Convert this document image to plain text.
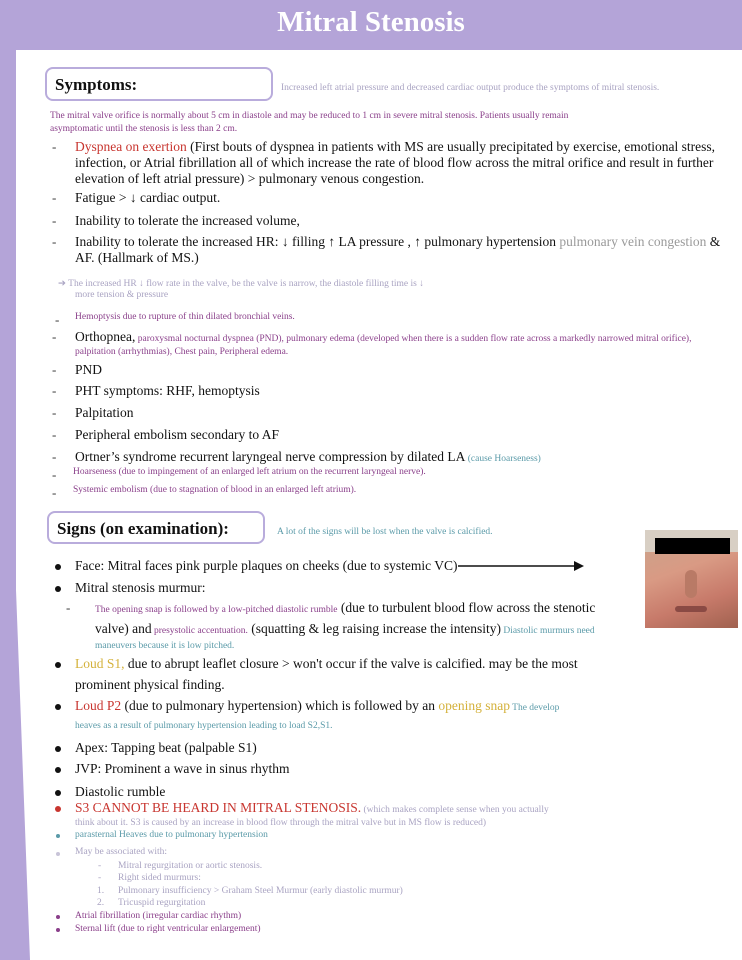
Mitral Stenosis
Symptoms:	Increased left atrial pressure and decreased cardiac output produce the symptoms of mitral stenosis.
The mitral valve orifice is normally about 5 cm in diastole and may be reduced to 1 cm in severe mitral stenosis. Patients usually remain
asymptomatic until the stenosis is less than 2 cm.
- Dyspnea on exertion (First bouts of dyspnea in patients with MS are usually precipitated by exercise, emotional stress,
infection, or Atrial fibrillation all of which increase the rate of blood flow across the mitral orifice and result in further
elevation of left atrial pressure) > pulmonary venous congestion.
- Fatigue > ↓ cardiac output.
- Inability to tolerate the increased volume,
- Inability to tolerate the increased HR: ↓ filling ↑ LA pressure , ↑ pulmonary hypertension pulmonary vein congestion &
AF. (Hallmark of MS.)
➔ The increased HR ↓ flow rate in the valve, be the valve is narrow, the diastole filling time is ↓
more tension & pressure
- Hemoptysis due to rupture of thin dilated bronchial veins.
- Orthopnea, paroxysmal nocturnal dyspnea (PND), pulmonary edema (developed when there is a sudden flow rate across a markedly narrowed mitral orifice),
palpitation (arrhythmias), Chest pain, Peripheral edema.
- PND
- PHT symptoms: RHF, hemoptysis
- Palpitation
- Peripheral embolism secondary to AF
- Ortner’s syndrome recurrent laryngeal nerve compression by dilated LA (cause Hoarseness)
- Hoarseness (due to impingement of an enlarged left atrium on the recurrent laryngeal nerve).
- Systemic embolism (due to stagnation of blood in an enlarged left atrium).
Signs (on examination):	A lot of the signs will be lost when the valve is calcified.
Face: Mitral faces pink purple plaques on cheeks (due to systemic VC)
Mitral stenosis murmur:
-	The opening snap is followed by a low-pitched diastolic rumble (due to turbulent blood flow across the stenotic
valve) and presystolic accentuation. (squatting & leg raising increase the intensity) Diastolic murmurs need
maneuvers because it is low pitched.
Loud S1, due to abrupt leaflet closure > won't occur if the valve is calcified. may be the most
prominent physical finding.
Loud P2 (due to pulmonary hypertension) which is followed by an opening snap The develop
heaves as a result of pulmonary hypertension leading to load S2,S1.
Apex: Tapping beat (palpable S1)
JVP: Prominent a wave in sinus rhythm
Diastolic rumble
S3 CANNOT BE HEARD IN MITRAL STENOSIS. (which makes complete sense when you actually
think about it. S3 is caused by an increase in blood flow through the mitral valve but in MS flow is reduced)
parasternal Heaves due to pulmonary hypertension
May be associated with:
- Mitral regurgitation or aortic stenosis.
- Right sided murmurs:
1. Pulmonary insufficiency > Graham Steel Murmur (early diastolic murmur)
2. Tricuspid regurgitation
Atrial fibrillation (irregular cardiac rhythm)
Sternal lift (due to right ventricular enlargement)
